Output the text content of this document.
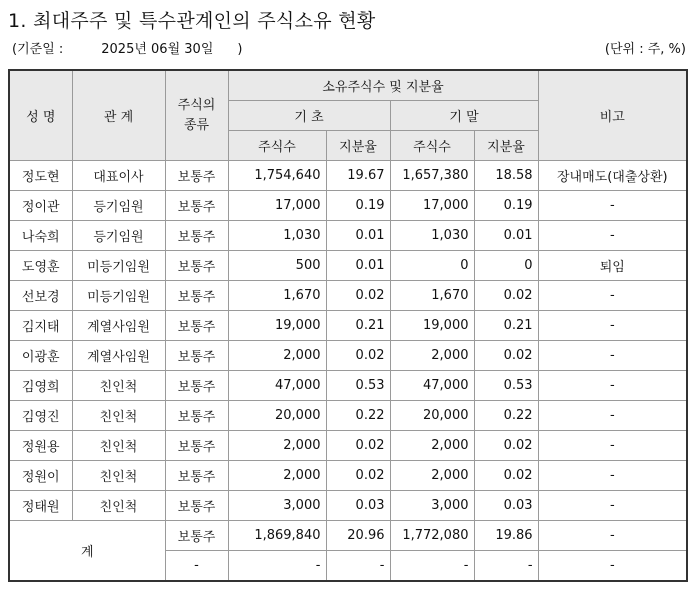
1. 최대주주 및 특수관계인의 주식소유 현황
(기준일 :	2025년 06월 30일 )	(단위 : 주, %)
성 명	관 계	주식의 종류	소유주식수 및 지분율				비고
			기 초		기 말		
			주식수	지분율	주식수	지분율	
정도현	대표이사	보통주	1,754,640	19.67	1,657,380	18.58	장내매도(대출상환)
정이관	등기임원	보통주	17,000	0.19	17,000	0.19	-
나숙희	등기임원	보통주	1,030	0.01	1,030	0.01	-
도영훈	미등기임원	보통주	500	0.01	0	0	퇴임
선보경	미등기임원	보통주	1,670	0.02	1,670	0.02	-
김지태	계열사임원	보통주	19,000	0.21	19,000	0.21	-
이광훈	계열사임원	보통주	2,000	0.02	2,000	0.02	-
김영희	친인척	보통주	47,000	0.53	47,000	0.53	-
김영진	친인척	보통주	20,000	0.22	20,000	0.22	-
정원용	친인척	보통주	2,000	0.02	2,000	0.02	-
정원이	친인척	보통주	2,000	0.02	2,000	0.02	-
정태원	친인척	보통주	3,000	0.03	3,000	0.03	-
계		보통주	1,869,840	20.96	1,772,080	19.86	-
		-	-	-	-	-	-
